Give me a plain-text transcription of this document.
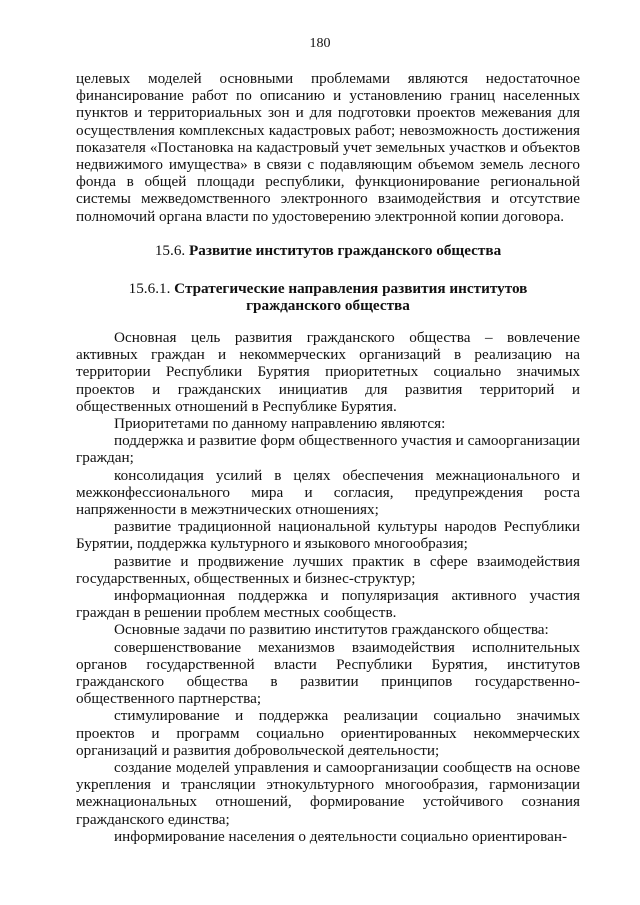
180

целевых моделей основными проблемами являются недостаточное финансирование работ по описанию и установлению границ населенных пунктов и территориальных зон и для подготовки проектов межевания для осуществления комплексных кадастровых работ; невозможность достижения показателя «Постановка на кадастровый учет земельных участков и объектов недвижимого имущества» в связи с подавляющим объемом земель лесного фонда в общей площади республики, функционирование региональной системы межведомственного электронного взаимодействия и отсутствие полномочий органа власти по удостоверению электронной копии договора.

15.6. Развитие институтов гражданского общества
15.6.1. Стратегические направления развития институтов
гражданского общества

Основная цель развития гражданского общества – вовлечение активных граждан и некоммерческих организаций в реализацию на территории Республики Бурятия приоритетных социально значимых проектов и гражданских инициатив для развития территорий и общественных отношений в Республике Бурятия.

Приоритетами по данному направлению являются:

поддержка и развитие форм общественного участия и самоорганизации граждан;

консолидация усилий в целях обеспечения межнационального и межконфессионального мира и согласия, предупреждения роста напряженности в межэтнических отношениях;

развитие традиционной национальной культуры народов Республики Бурятии, поддержка культурного и языкового многообразия;

развитие и продвижение лучших практик в сфере взаимодействия государственных, общественных и бизнес-структур;

информационная поддержка и популяризация активного участия граждан в решении проблем местных сообществ.

Основные задачи по развитию институтов гражданского общества:

совершенствование механизмов взаимодействия исполнительных органов государственной власти Республики Бурятия, институтов гражданского общества в развитии принципов государственно-общественного партнерства;

стимулирование и поддержка реализации социально значимых проектов и программ социально ориентированных некоммерческих организаций и развития добровольческой деятельности;

создание моделей управления и самоорганизации сообществ на основе укрепления и трансляции этнокультурного многообразия, гармонизации межнациональных отношений, формирование устойчивого сознания гражданского единства;

информирование населения о деятельности социально ориентирован-
